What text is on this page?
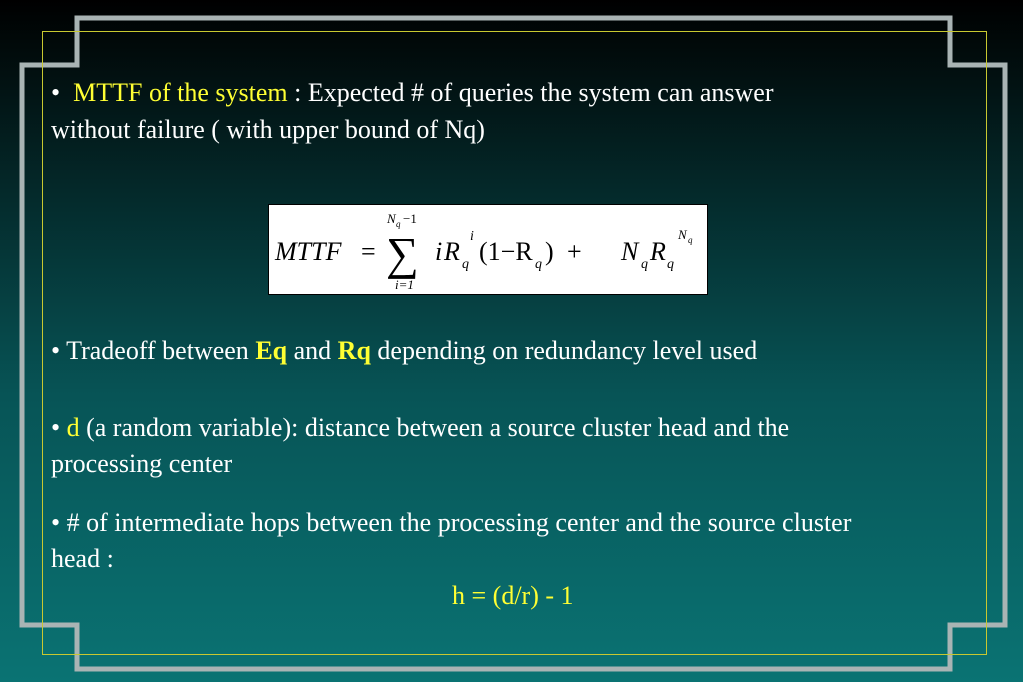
• MTTF of the system : Expected # of queries the system can answer
without failure ( with upper bound of Nq)
MTTF =
N q −1
∑
i=1
i R q
i
(1−R q ) + N q R q
N q
• Tradeoff between Eq and Rq depending on redundancy level used
• d (a random variable): distance between a source cluster head and the
processing center
• # of intermediate hops between the processing center and the source cluster
head :
h = (d/r) - 1
